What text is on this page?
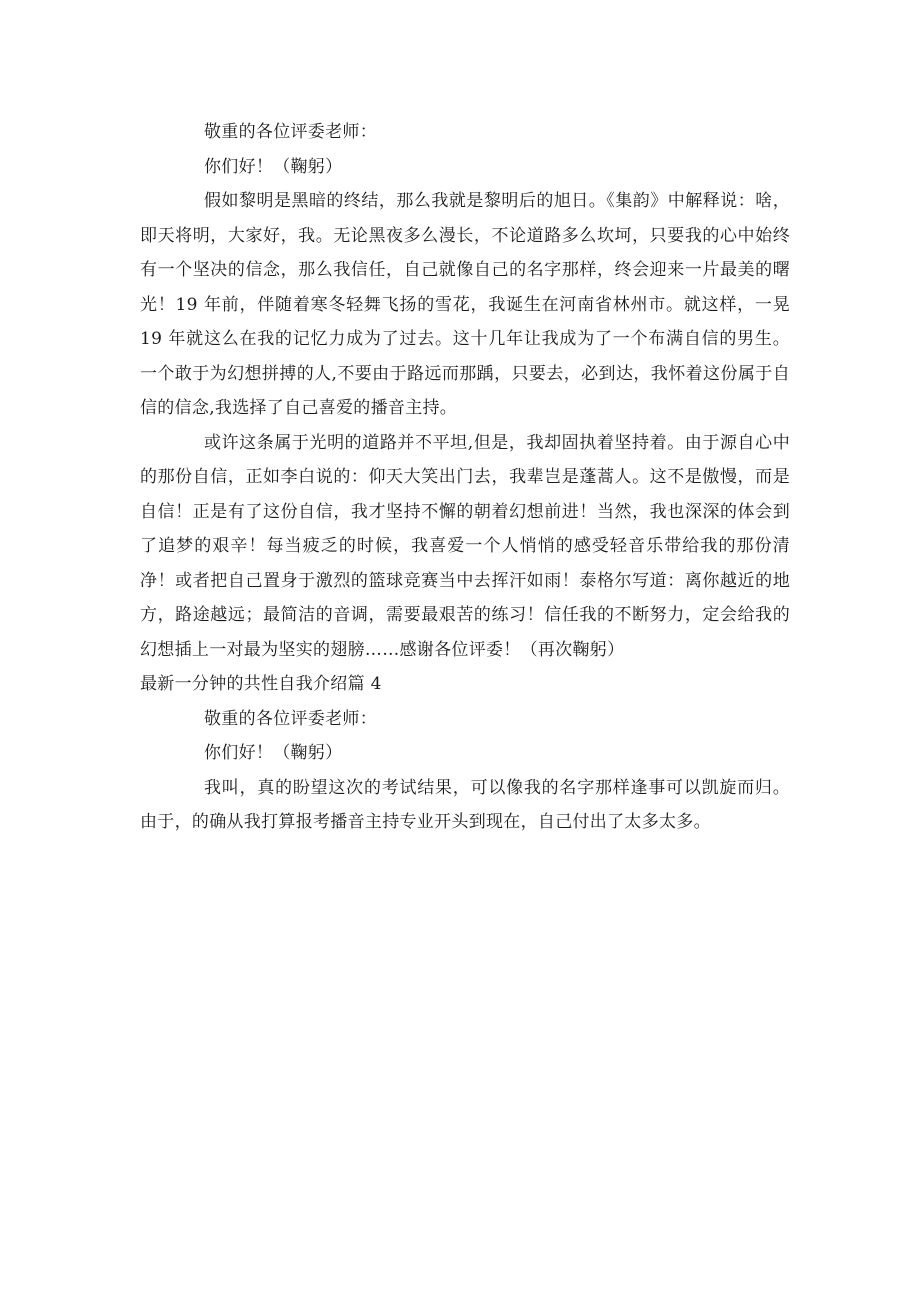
敬重的各位评委老师：

你们好！（鞠躬）

假如黎明是黑暗的终结，那么我就是黎明后的旭日。《集韵》中解释说：啥，即天将明，大家好，我。无论黑夜多么漫长，不论道路多么坎坷，只要我的心中始终有一个坚决的信念，那么我信任，自己就像自己的名字那样，终会迎来一片最美的曙光！19 年前，伴随着寒冬轻舞飞扬的雪花，我诞生在河南省林州市。就这样，一晃 19 年就这么在我的记忆力成为了过去。这十几年让我成为了一个布满自信的男生。一个敢于为幻想拼搏的人,不要由于路远而那踽，只要去，必到达，我怀着这份属于自信的信念,我选择了自己喜爱的播音主持。

或许这条属于光明的道路并不平坦,但是，我却固执着坚持着。由于源自心中的那份自信，正如李白说的：仰天大笑出门去，我辈岂是蓬蒿人。这不是傲慢，而是自信！正是有了这份自信，我才坚持不懈的朝着幻想前进！当然，我也深深的体会到了追梦的艰辛！每当疲乏的时候，我喜爱一个人悄悄的感受轻音乐带给我的那份清净！或者把自己置身于激烈的篮球竞赛当中去挥汗如雨！泰格尔写道：离你越近的地方，路途越远；最简洁的音调，需要最艰苦的练习！信任我的不断努力，定会给我的幻想插上一对最为坚实的翅膀……感谢各位评委！（再次鞠躬）

最新一分钟的共性自我介绍篇 4

敬重的各位评委老师：

你们好！（鞠躬）

我叫，真的盼望这次的考试结果，可以像我的名字那样逢事可以凯旋而归。由于，的确从我打算报考播音主持专业开头到现在，自己付出了太多太多。
